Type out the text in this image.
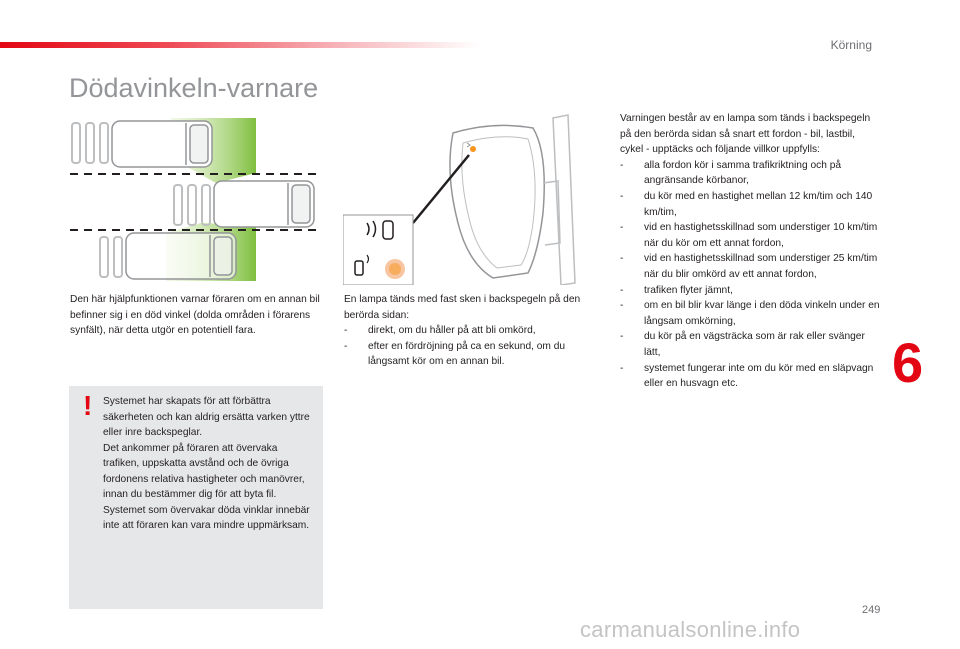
Körning
Dödavinkeln-varnare
Den här hjälpfunktionen varnar föraren om en annan bil befinner sig i en död vinkel (dolda områden i förarens synfält), när detta utgör en potentiell fara.
! Systemet har skapats för att förbättra säkerheten och kan aldrig ersätta varken yttre eller inre backspeglar.
Det ankommer på föraren att övervaka trafiken, uppskatta avstånd och de övriga fordonens relativa hastigheter och manövrer, innan du bestämmer dig för att byta fil.
Systemet som övervakar döda vinklar innebär inte att föraren kan vara mindre uppmärksam.
En lampa tänds med fast sken i backspegeln på den berörda sidan:
- direkt, om du håller på att bli omkörd,
- efter en fördröjning på ca en sekund, om du långsamt kör om en annan bil.
Varningen består av en lampa som tänds i backspegeln på den berörda sidan så snart ett fordon - bil, lastbil, cykel - upptäcks och följande villkor uppfylls:
- alla fordon kör i samma trafikriktning och på angränsande körbanor,
- du kör med en hastighet mellan 12 km/tim och 140 km/tim,
- vid en hastighetsskillnad som understiger 10 km/tim när du kör om ett annat fordon,
- vid en hastighetsskillnad som understiger 25 km/tim när du blir omkörd av ett annat fordon,
- trafiken flyter jämnt,
- om en bil blir kvar länge i den döda vinkeln under en långsam omkörning,
- du kör på en vägsträcka som är rak eller svänger lätt,
- systemet fungerar inte om du kör med en släpvagn eller en husvagn etc.	6
249
carmanualsonline.info
